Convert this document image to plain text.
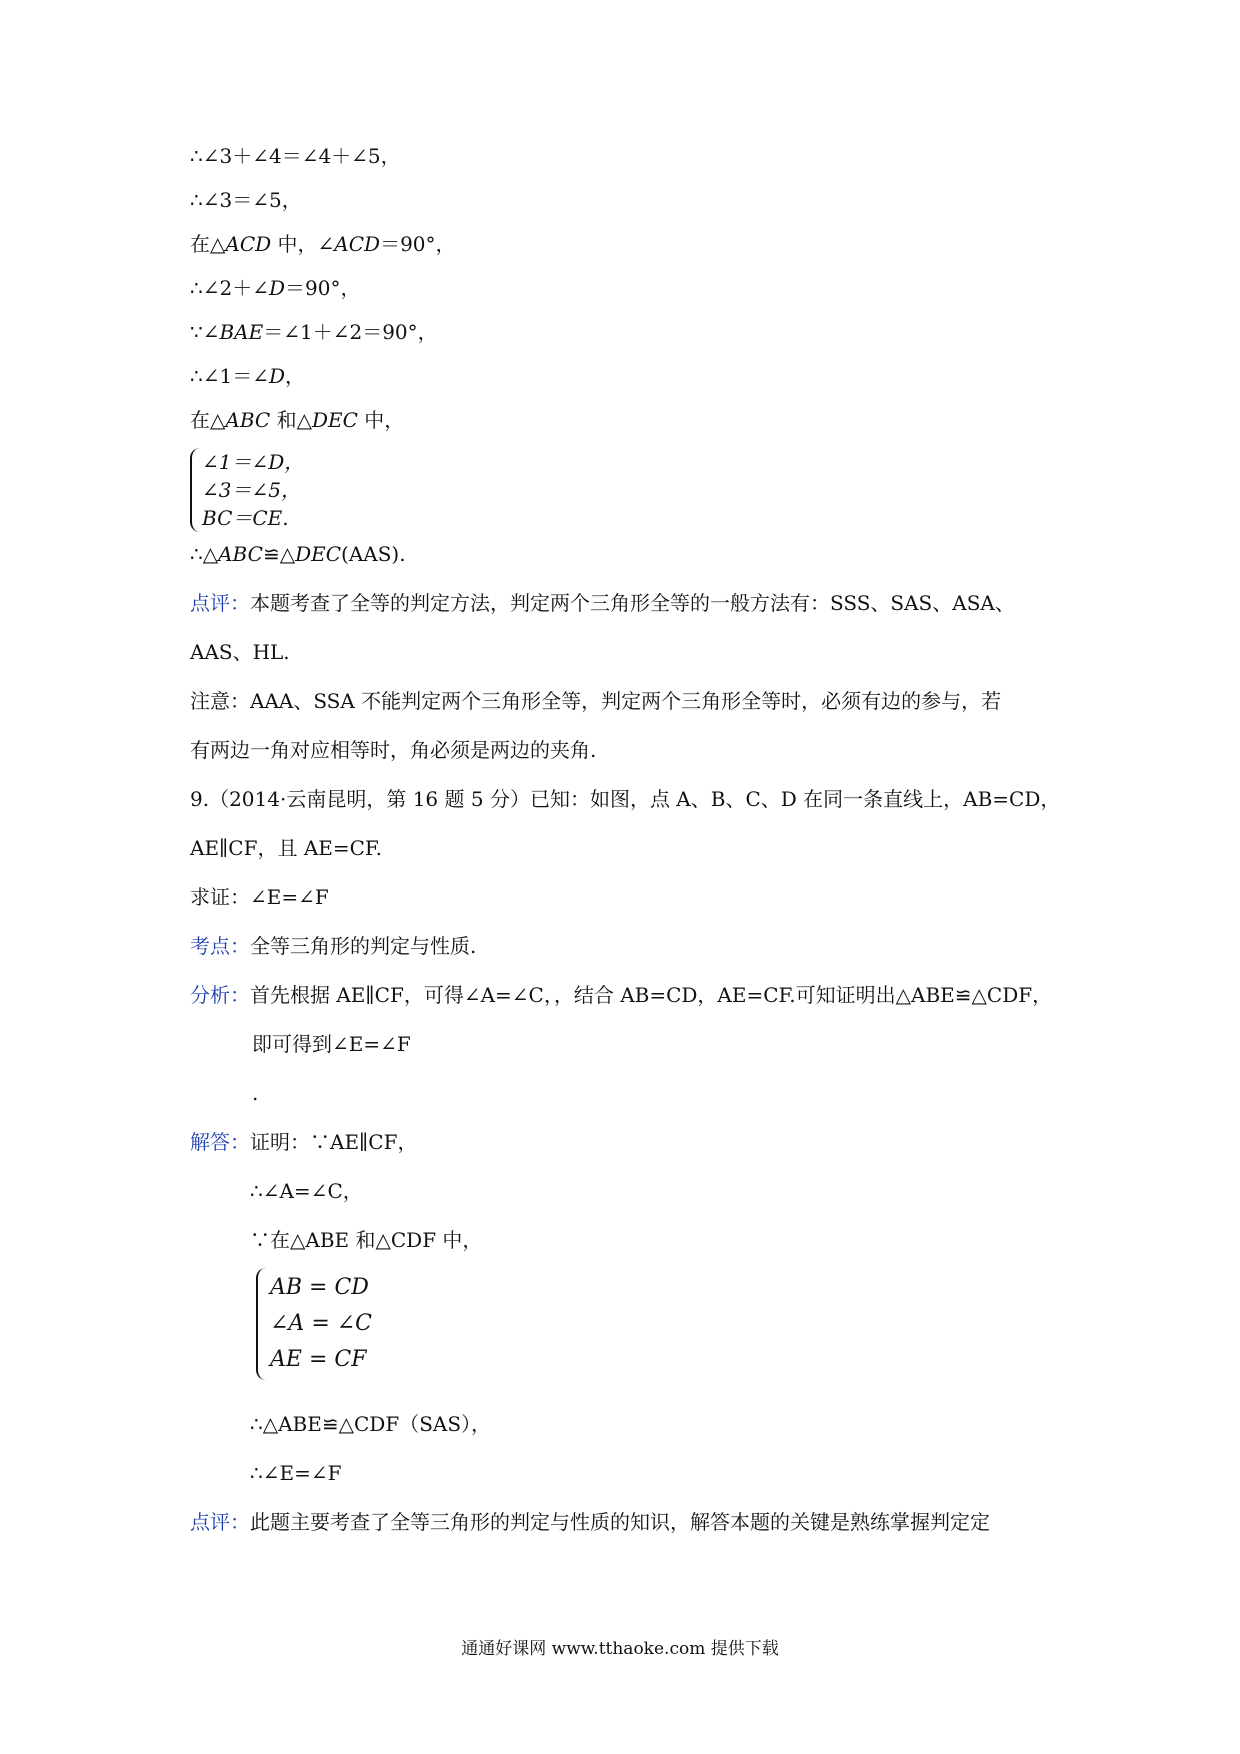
∴∠3＋∠4＝∠4＋∠5，
∴∠3＝∠5，
在△ACD 中，∠ACD＝90°，
∴∠2＋∠D＝90°，
∵∠BAE＝∠1＋∠2＝90°，
∴∠1＝∠D，
在△ABC 和△DEC 中，
∠1＝∠D，
∠3＝∠5，
BC＝CE.
∴△ABC≌△DEC(AAS).
点评：本题考查了全等的判定方法，判定两个三角形全等的一般方法有：SSS、SAS、ASA、
AAS、HL.
注意：AAA、SSA 不能判定两个三角形全等，判定两个三角形全等时，必须有边的参与，若
有两边一角对应相等时，角必须是两边的夹角.
9.（2014·云南昆明，第 16 题 5 分）已知：如图，点 A、B、C、D 在同一条直线上，AB=CD，
AE∥CF，且 AE=CF.
求证：∠E=∠F
考点：全等三角形的判定与性质.
分析：首先根据 AE∥CF，可得∠A=∠C，，结合 AB=CD，AE=CF.可知证明出△ABE≌△CDF，
即可得到∠E=∠F
.
解答：证明：∵AE∥CF，
∴∠A=∠C，
∵在△ABE 和△CDF 中，
AB = CD
∠A = ∠C
AE = CF
∴△ABE≌△CDF（SAS），
∴∠E=∠F
点评：此题主要考查了全等三角形的判定与性质的知识，解答本题的关键是熟练掌握判定定
通通好课网 www.tthaoke.com 提供下载
